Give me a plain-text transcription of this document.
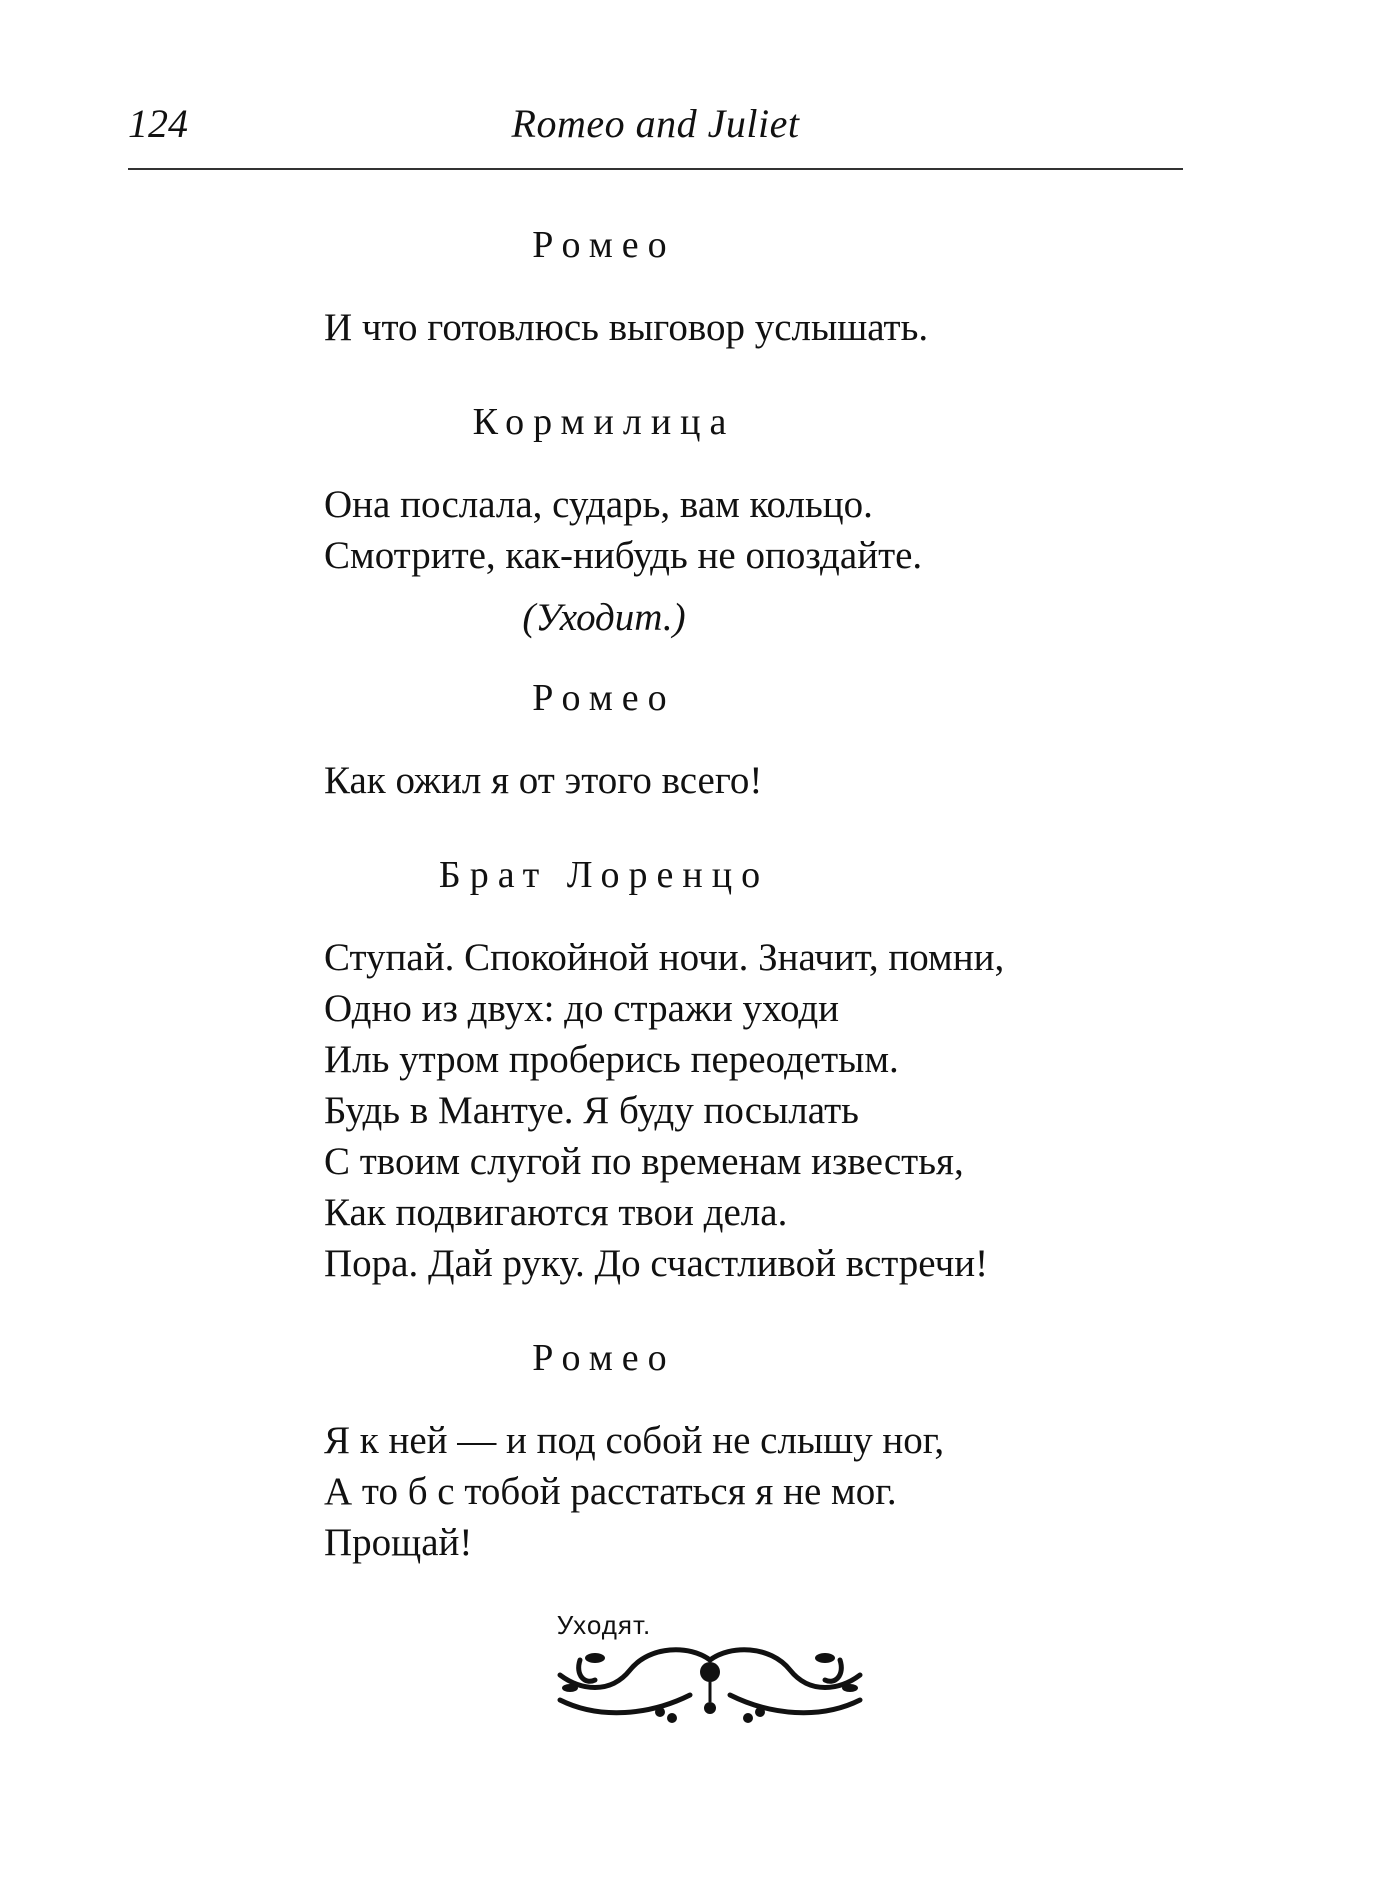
124	Romeo and Juliet
Ромео
И что готовлюсь выговор услышать.
Кормилица
Она послала, сударь, вам кольцо.
Смотрите, как-нибудь не опоздайте.
(Уходит.)
Ромео
Как ожил я от этого всего!
Брат Лоренцо
Ступай. Спокойной ночи. Значит, помни,
Одно из двух: до стражи уходи
Иль утром проберись переодетым.
Будь в Мантуе. Я буду посылать
С твоим слугой по временам известья,
Как подвигаются твои дела.
Пора. Дай руку. До счастливой встречи!
Ромео
Я к ней — и под собой не слышу ног,
А то б с тобой расстаться я не мог.
Прощай!
Уходят.
